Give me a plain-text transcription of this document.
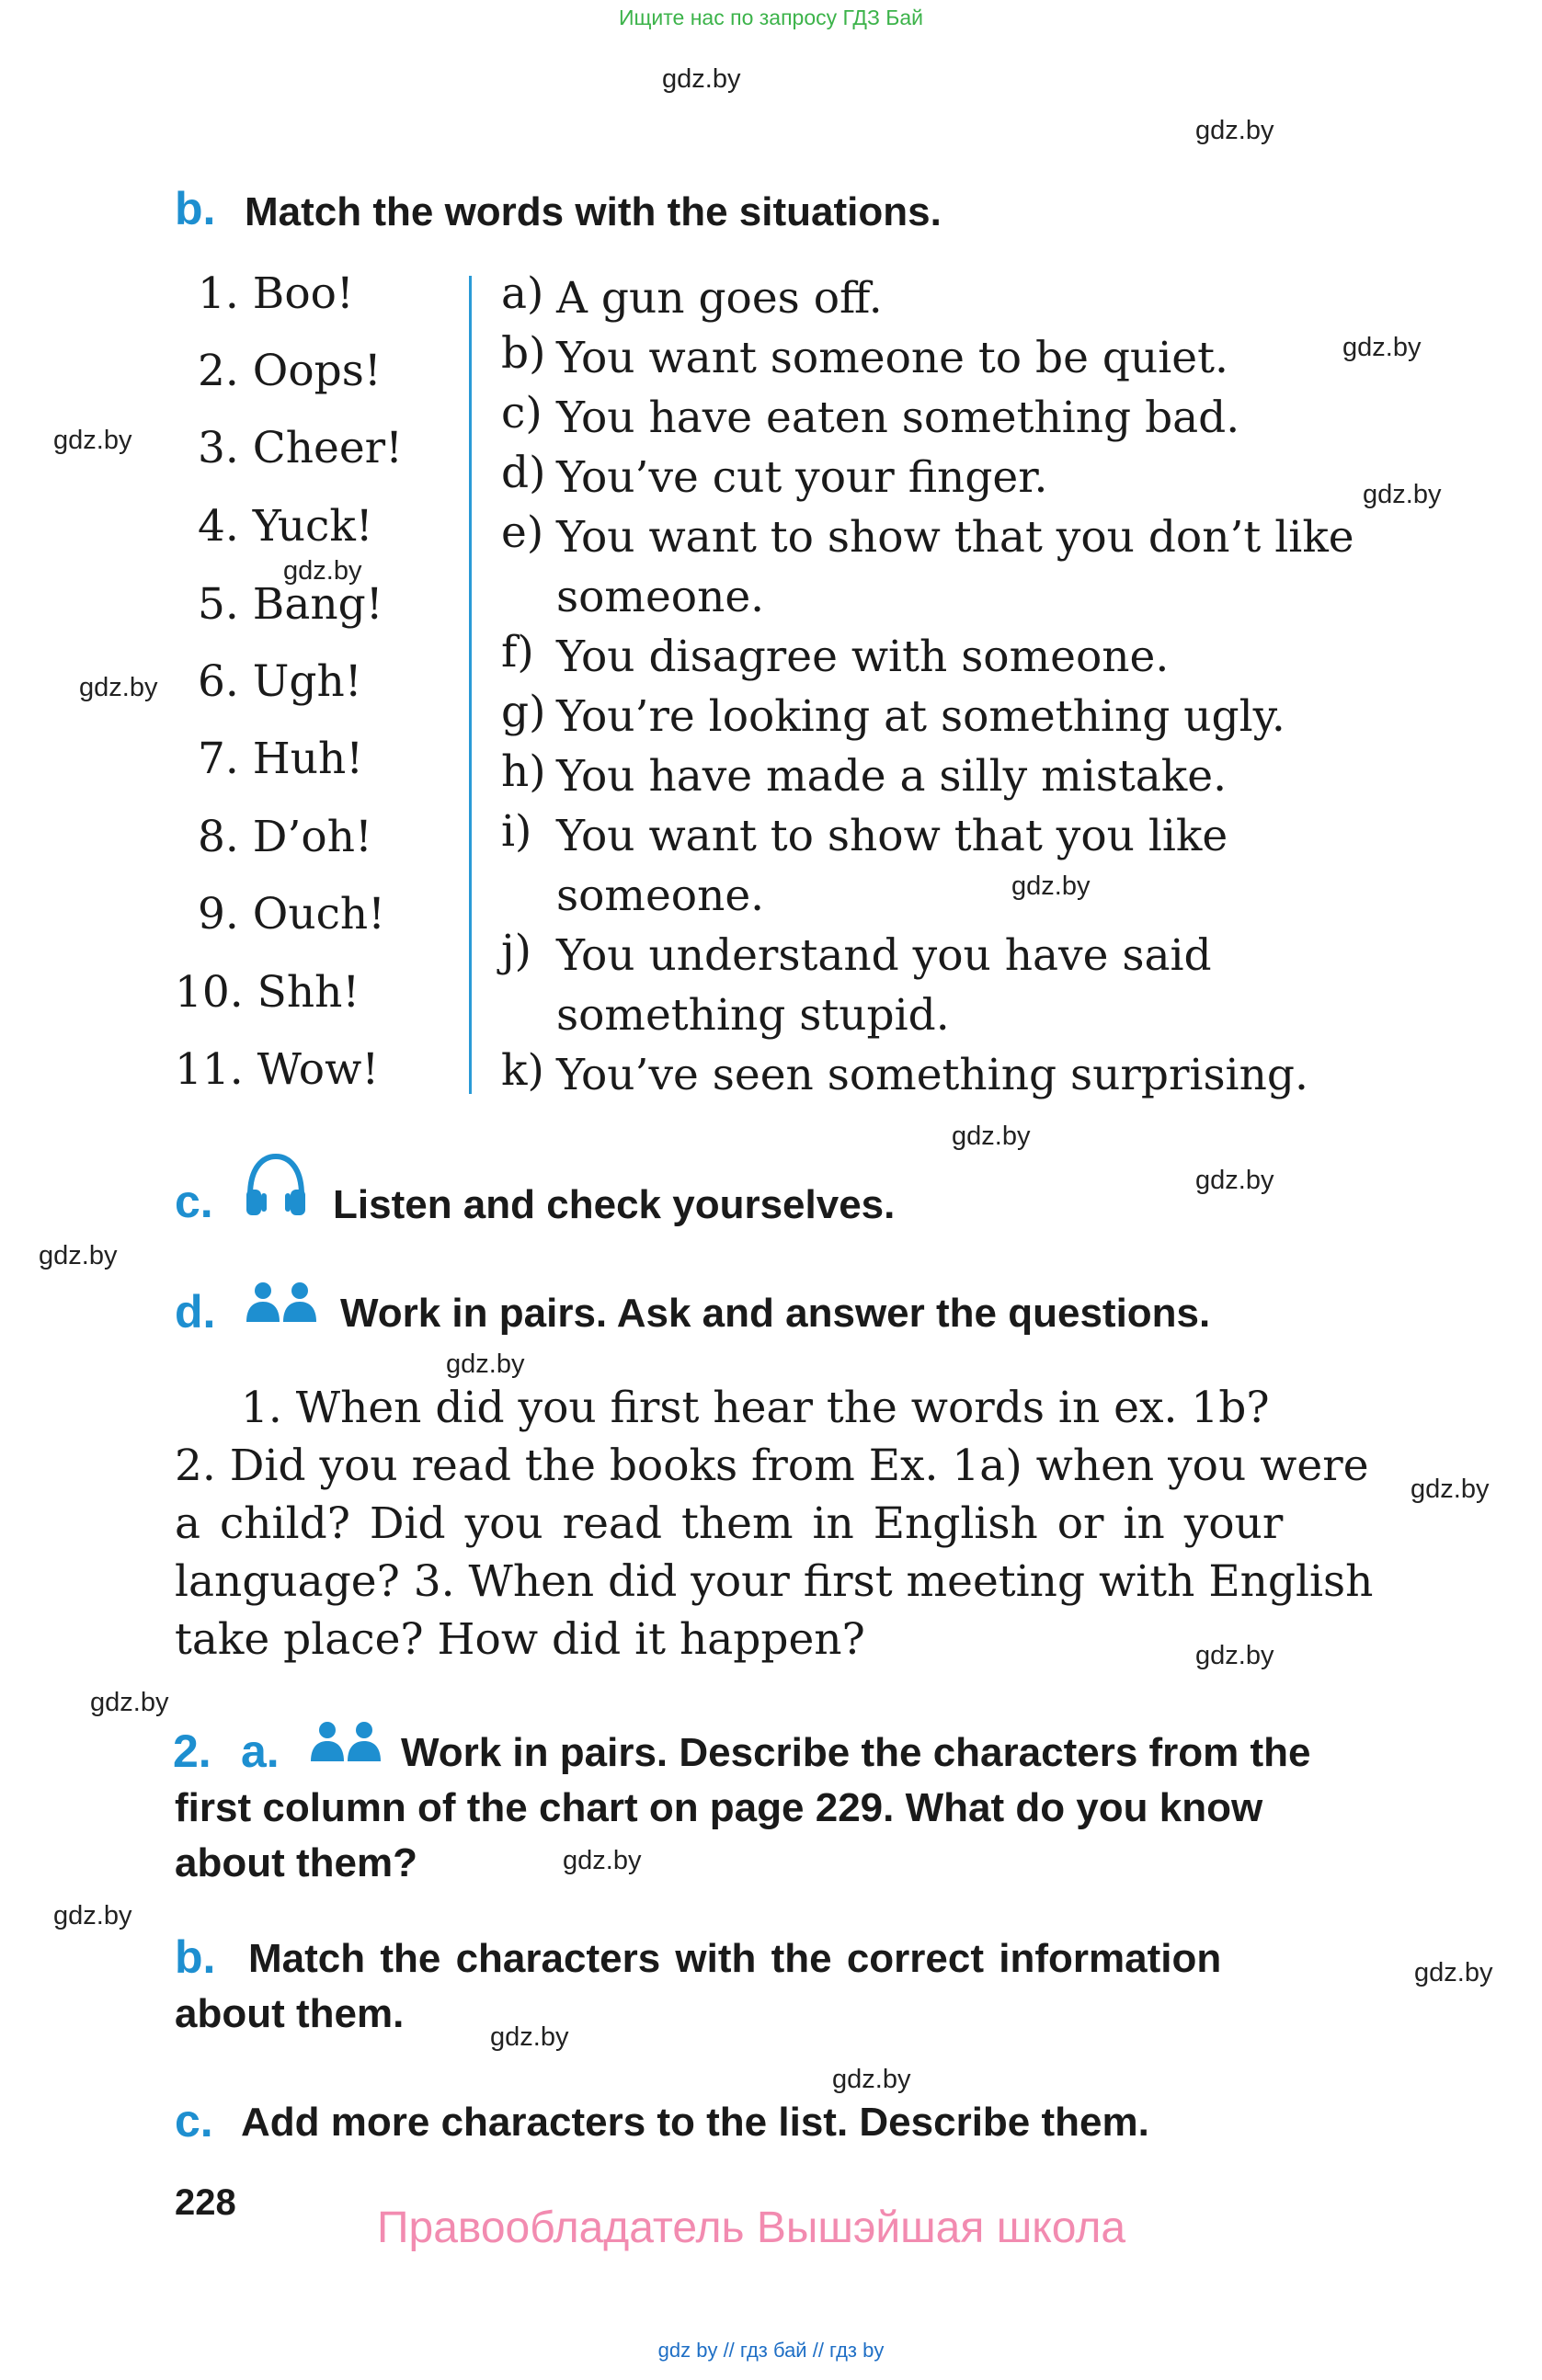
Ищите нас по запросу ГДЗ Бай
gdz.by
gdz.by
gdz.by
gdz.by
gdz.by
gdz.by
gdz.by
gdz.by
gdz.by
gdz.by
gdz.by
gdz.by
gdz.by
gdz.by
gdz.by
gdz.by
gdz.by
gdz.by
gdz.by
gdz.by
b. Match the words with the situations.
1. Boo!
2. Oops!
3. Cheer!
4. Yuck!
5. Bang!
6. Ugh!
7. Huh!
8. D’oh!
9. Ouch!
10. Shh!
11. Wow!
a) A gun goes off.
b) You want someone to be quiet.
c) You have eaten something bad.
d) You’ve cut your finger.
e) You want to show that you don’t like someone.
f) You disagree with someone.
g) You’re looking at something ugly.
h) You have made a silly mistake.
i) You want to show that you like someone.
j) You understand you have said something stupid.
k) You’ve seen something surprising.
c.	Listen and check yourselves.
d.	Work in pairs. Ask and answer the questions.
1. When did you first hear the words in ex. 1b?
2. Did you read the books from Ex. 1a) when you were
a child? Did you read them in English or in your
language? 3. When did your first meeting with English
take place? How did it happen?
2. a.	Work in pairs. Describe the characters from the
first column of the chart on page 229. What do you know
about them?
b. Match the characters with the correct information
about them.
c. Add more characters to the list. Describe them.
228
Правообладатель Вышэйшая школа
gdz by // гдз бай // гдз by
